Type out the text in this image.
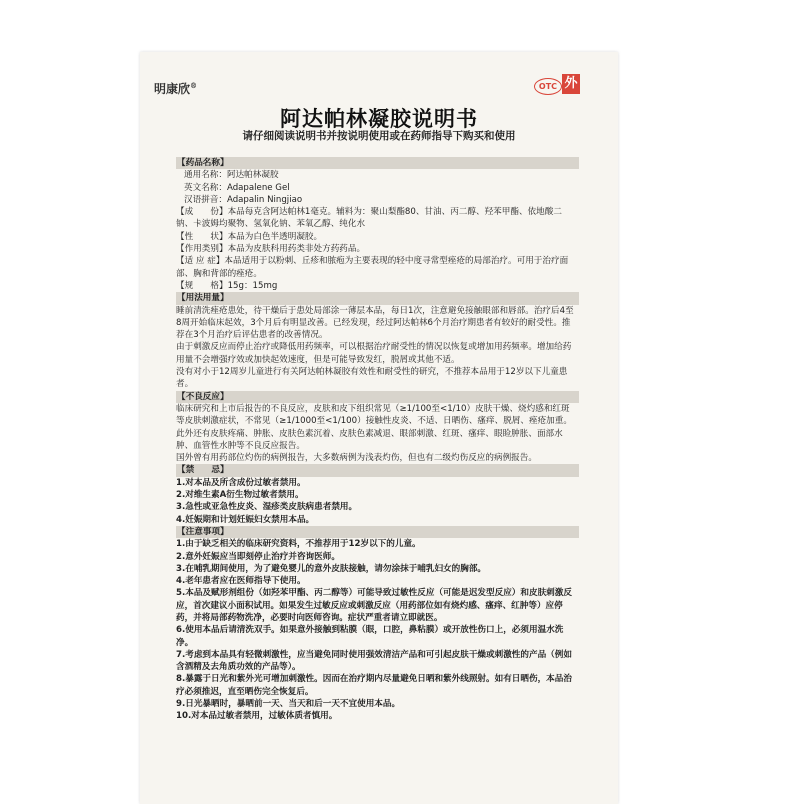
明康欣®	OTC 外
阿达帕林凝胶说明书
请仔细阅读说明书并按说明使用或在药师指导下购买和使用
【药品名称】
通用名称：阿达帕林凝胶
英文名称：Adapalene Gel
汉语拼音：Adapalin Ningjiao
【成　　份】本品每克含阿达帕林1毫克。辅料为：聚山梨酯80、甘油、丙二醇、羟苯甲酯、依地酸二钠、卡波姆均聚物、氢氧化钠、苯氧乙醇、纯化水
【性　　状】本品为白色半透明凝胶。
【作用类别】本品为皮肤科用药类非处方药药品。
【适 应 症】本品适用于以粉刺、丘疹和脓疱为主要表现的轻中度寻常型痤疮的局部治疗。可用于治疗面部、胸和背部的痤疮。
【规　　格】15g：15mg
【用法用量】
睡前清洗痤疮患处，待干燥后于患处局部涂一薄层本品，每日1次，注意避免接触眼部和唇部。治疗后4至8周开始临床起效，3个月后有明显改善。已经发现，经过阿达帕林6个月治疗期患者有较好的耐受性。推荐在3个月治疗后评估患者的改善情况。
由于刺激反应而停止治疗或降低用药频率，可以根据治疗耐受性的情况以恢复或增加用药频率。增加给药用量不会增强疗效或加快起效速度，但是可能导致发红，脱屑或其他不适。
没有对小于12周岁儿童进行有关阿达帕林凝胶有效性和耐受性的研究，不推荐本品用于12岁以下儿童患者。
【不良反应】
临床研究和上市后报告的不良反应，皮肤和皮下组织常见（≥1/100至<1/10）皮肤干燥、烧灼感和红斑等皮肤刺激症状，不常见（≥1/1000至<1/100）接触性皮炎、不适、日晒伤、瘙痒、脱屑、痤疮加重。此外还有皮肤疼痛、肿胀、皮肤色素沉着、皮肤色素减退、眼部刺激、红斑、瘙痒、眼睑肿胀、面部水肿、血管性水肿等不良反应报告。
国外曾有用药部位灼伤的病例报告，大多数病例为浅表灼伤，但也有二级灼伤反应的病例报告。
【禁　　忌】
1.对本品及所含成份过敏者禁用。
2.对维生素A衍生物过敏者禁用。
3.急性或亚急性皮炎、湿疹类皮肤病患者禁用。
4.妊娠期和计划妊娠妇女禁用本品。
【注意事项】
1.由于缺乏相关的临床研究资料，不推荐用于12岁以下的儿童。
2.意外妊娠应当即刻停止治疗并咨询医师。
3.在哺乳期间使用，为了避免婴儿的意外皮肤接触，请勿涂抹于哺乳妇女的胸部。
4.老年患者应在医师指导下使用。
5.本品及赋形剂组份（如羟苯甲酯、丙二醇等）可能导致过敏性反应（可能是迟发型反应）和皮肤刺激反应，首次建议小面积试用。如果发生过敏反应或刺激反应（用药部位如有烧灼感、瘙痒、红肿等）应停药，并将局部药物洗净，必要时向医师咨询。症状严重者请立即就医。
6.使用本品后请清洗双手。如果意外接触到粘膜（眼，口腔，鼻粘膜）或开放性伤口上，必须用温水洗净。
7.考虑到本品具有轻微刺激性，应当避免同时使用强效清洁产品和可引起皮肤干燥或刺激性的产品（例如含酒精及去角质功效的产品等）。
8.暴露于日光和紫外光可增加刺激性。因而在治疗期内尽量避免日晒和紫外线照射。如有日晒伤，本品治疗必须推迟，直至晒伤完全恢复后。
9.日光暴晒时，暴晒前一天、当天和后一天不宜使用本品。
10.对本品过敏者禁用，过敏体质者慎用。
